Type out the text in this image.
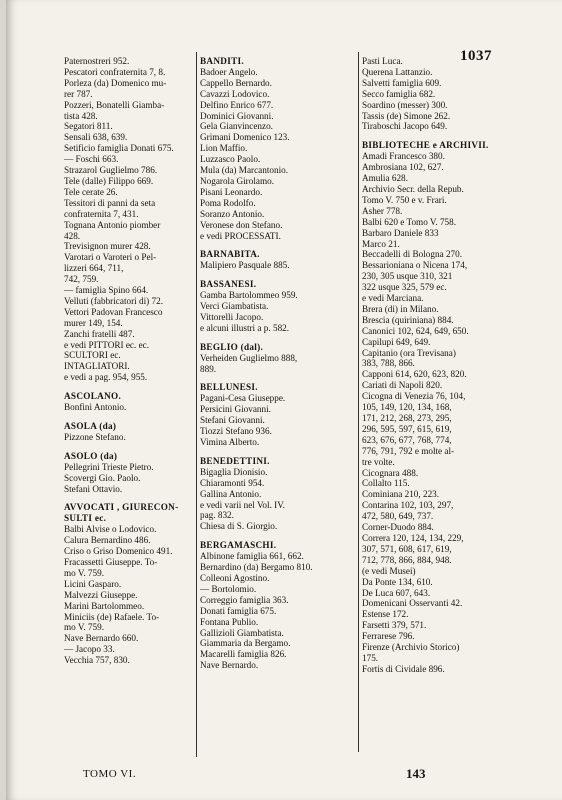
1037
Paternostreri 952.
Pescatori confraternita 7, 8.
Porleza (da) Domenico mu-
rer 787.
Pozzeri, Bonatelli Giamba-
tista 428.
Segatori 811.
Sensali 638, 639.
Setificio famiglia Donati 675.
— Foschi 663.
Strazarol Guglielmo 786.
Tele (dalle) Filippo 669.
Tele cerate 26.
Tessitori di panni da seta
confraternita 7, 431.
Tognana Antonio piomber
428.
Trevisignon murer 428.
Varotari o Varoteri o Pel-
lizzeri 664, 711,
742, 759.
— famiglia Spino 664.
Velluti (fabbricatori di) 72.
Vettori Padovan Francesco
murer 149, 154.
Zanchi fratelli 487.
e vedi PITTORI ec. ec.
SCULTORI ec.
INTAGLIATORI.
e vedi a pag. 954, 955.
ASCOLANO.
Bonfini Antonio.
ASOLA (da)
Pizzone Stefano.
ASOLO (da)
Pellegrini Trieste Pietro.
Scovergi Gio. Paolo.
Stefani Ottavio.
AVVOCATI , GIURECON-
SULTI ec.
Balbi Alvise o Lodovico.
Calura Bernardino 486.
Criso o Griso Domenico 491.
Fracassetti Giuseppe. To-
mo V. 759.
Licini Gasparo.
Malvezzi Giuseppe.
Marini Bartolommeo.
Miniciis (de) Rafaele. To-
mo V. 759.
Nave Bernardo 660.
— Jacopo 33.
Vecchia 757, 830.
BANDITI.
Badoer Angelo.
Cappello Bernardo.
Cavazzi Lodovico.
Delfino Enrico 677.
Dominici Giovanni.
Gela Gianvincenzo.
Grimani Domenico 123.
Lion Maffio.
Luzzasco Paolo.
Mula (da) Marcantonio.
Nogarola Girolamo.
Pisani Leonardo.
Poma Rodolfo.
Soranzo Antonio.
Veronese don Stefano.
e vedi PROCESSATI.
BARNABITA.
Malipiero Pasquale 885.
BASSANESI.
Gamba Bartolommeo 959.
Verci Giambatista.
Vittorelli Jacopo.
e alcuni illustri a p. 582.
BEGLIO (dal).
Verheiden Guglielmo 888,
889.
BELLUNESI.
Pagani-Cesa Giuseppe.
Persicini Giovanni.
Stefani Giovanni.
Tiozzi Stefano 936.
Vimina Alberto.
BENEDETTINI.
Bigaglia Dionisio.
Chiaramonti 954.
Gallina Antonio.
e vedi varii nel Vol. IV.
pag. 832.
Chiesa di S. Giorgio.
BERGAMASCHI.
Albinone famiglia 661, 662.
Bernardino (da) Bergamo 810.
Colleoni Agostino.
— Bortolomio.
Correggio famiglia 363.
Donati famiglia 675.
Fontana Publio.
Gallizioli Giambatista.
Giammaria da Bergamo.
Macarelli famiglia 826.
Nave Bernardo.
Pasti Luca.
Querena Lattanzio.
Salvetti famiglia 609.
Secco famiglia 682.
Soardino (messer) 300.
Tassis (de) Simone 262.
Tiraboschi Jacopo 649.
BIBLIOTECHE e ARCHIVII.
Amadi Francesco 380.
Ambrosiana 102, 627.
Amulia 628.
Archivio Secr. della Repub.
Tomo V. 750 e v. Frari.
Asher 778.
Balbi 620 e Tomo V. 758.
Barbaro Daniele 833
Marco 21.
Beccadelli di Bologna 270.
Bessarioniana o Nicena 174,
230, 305 usque 310, 321
322 usque 325, 579 ec.
e vedi Marciana.
Brera (di) in Milano.
Brescia (quiriniana) 884.
Canonici 102, 624, 649, 650.
Capilupi 649, 649.
Capitanio (ora Trevisana)
383, 788, 866.
Capponi 614, 620, 623, 820.
Cariati di Napoli 820.
Cicogna di Venezia 76, 104,
105, 149, 120, 134, 168,
171, 212, 268, 273, 295,
296, 595, 597, 615, 619,
623, 676, 677, 768, 774,
776, 791, 792 e molte al-
tre volte.
Cicognara 488.
Collalto 115.
Cominiana 210, 223.
Contarina 102, 103, 297,
472, 580, 649, 737.
Corner-Duodo 884.
Correra 120, 124, 134, 229,
307, 571, 608, 617, 619,
712, 778, 866, 884, 948.
(e vedi Musei)
Da Ponte 134, 610.
De Luca 607, 643.
Domenicani Osservanti 42.
Estense 172.
Farsetti 379, 571.
Ferrarese 796.
Firenze (Archivio Storico)
175.
Fortis di Cividale 896.
TOMO VI.	143
